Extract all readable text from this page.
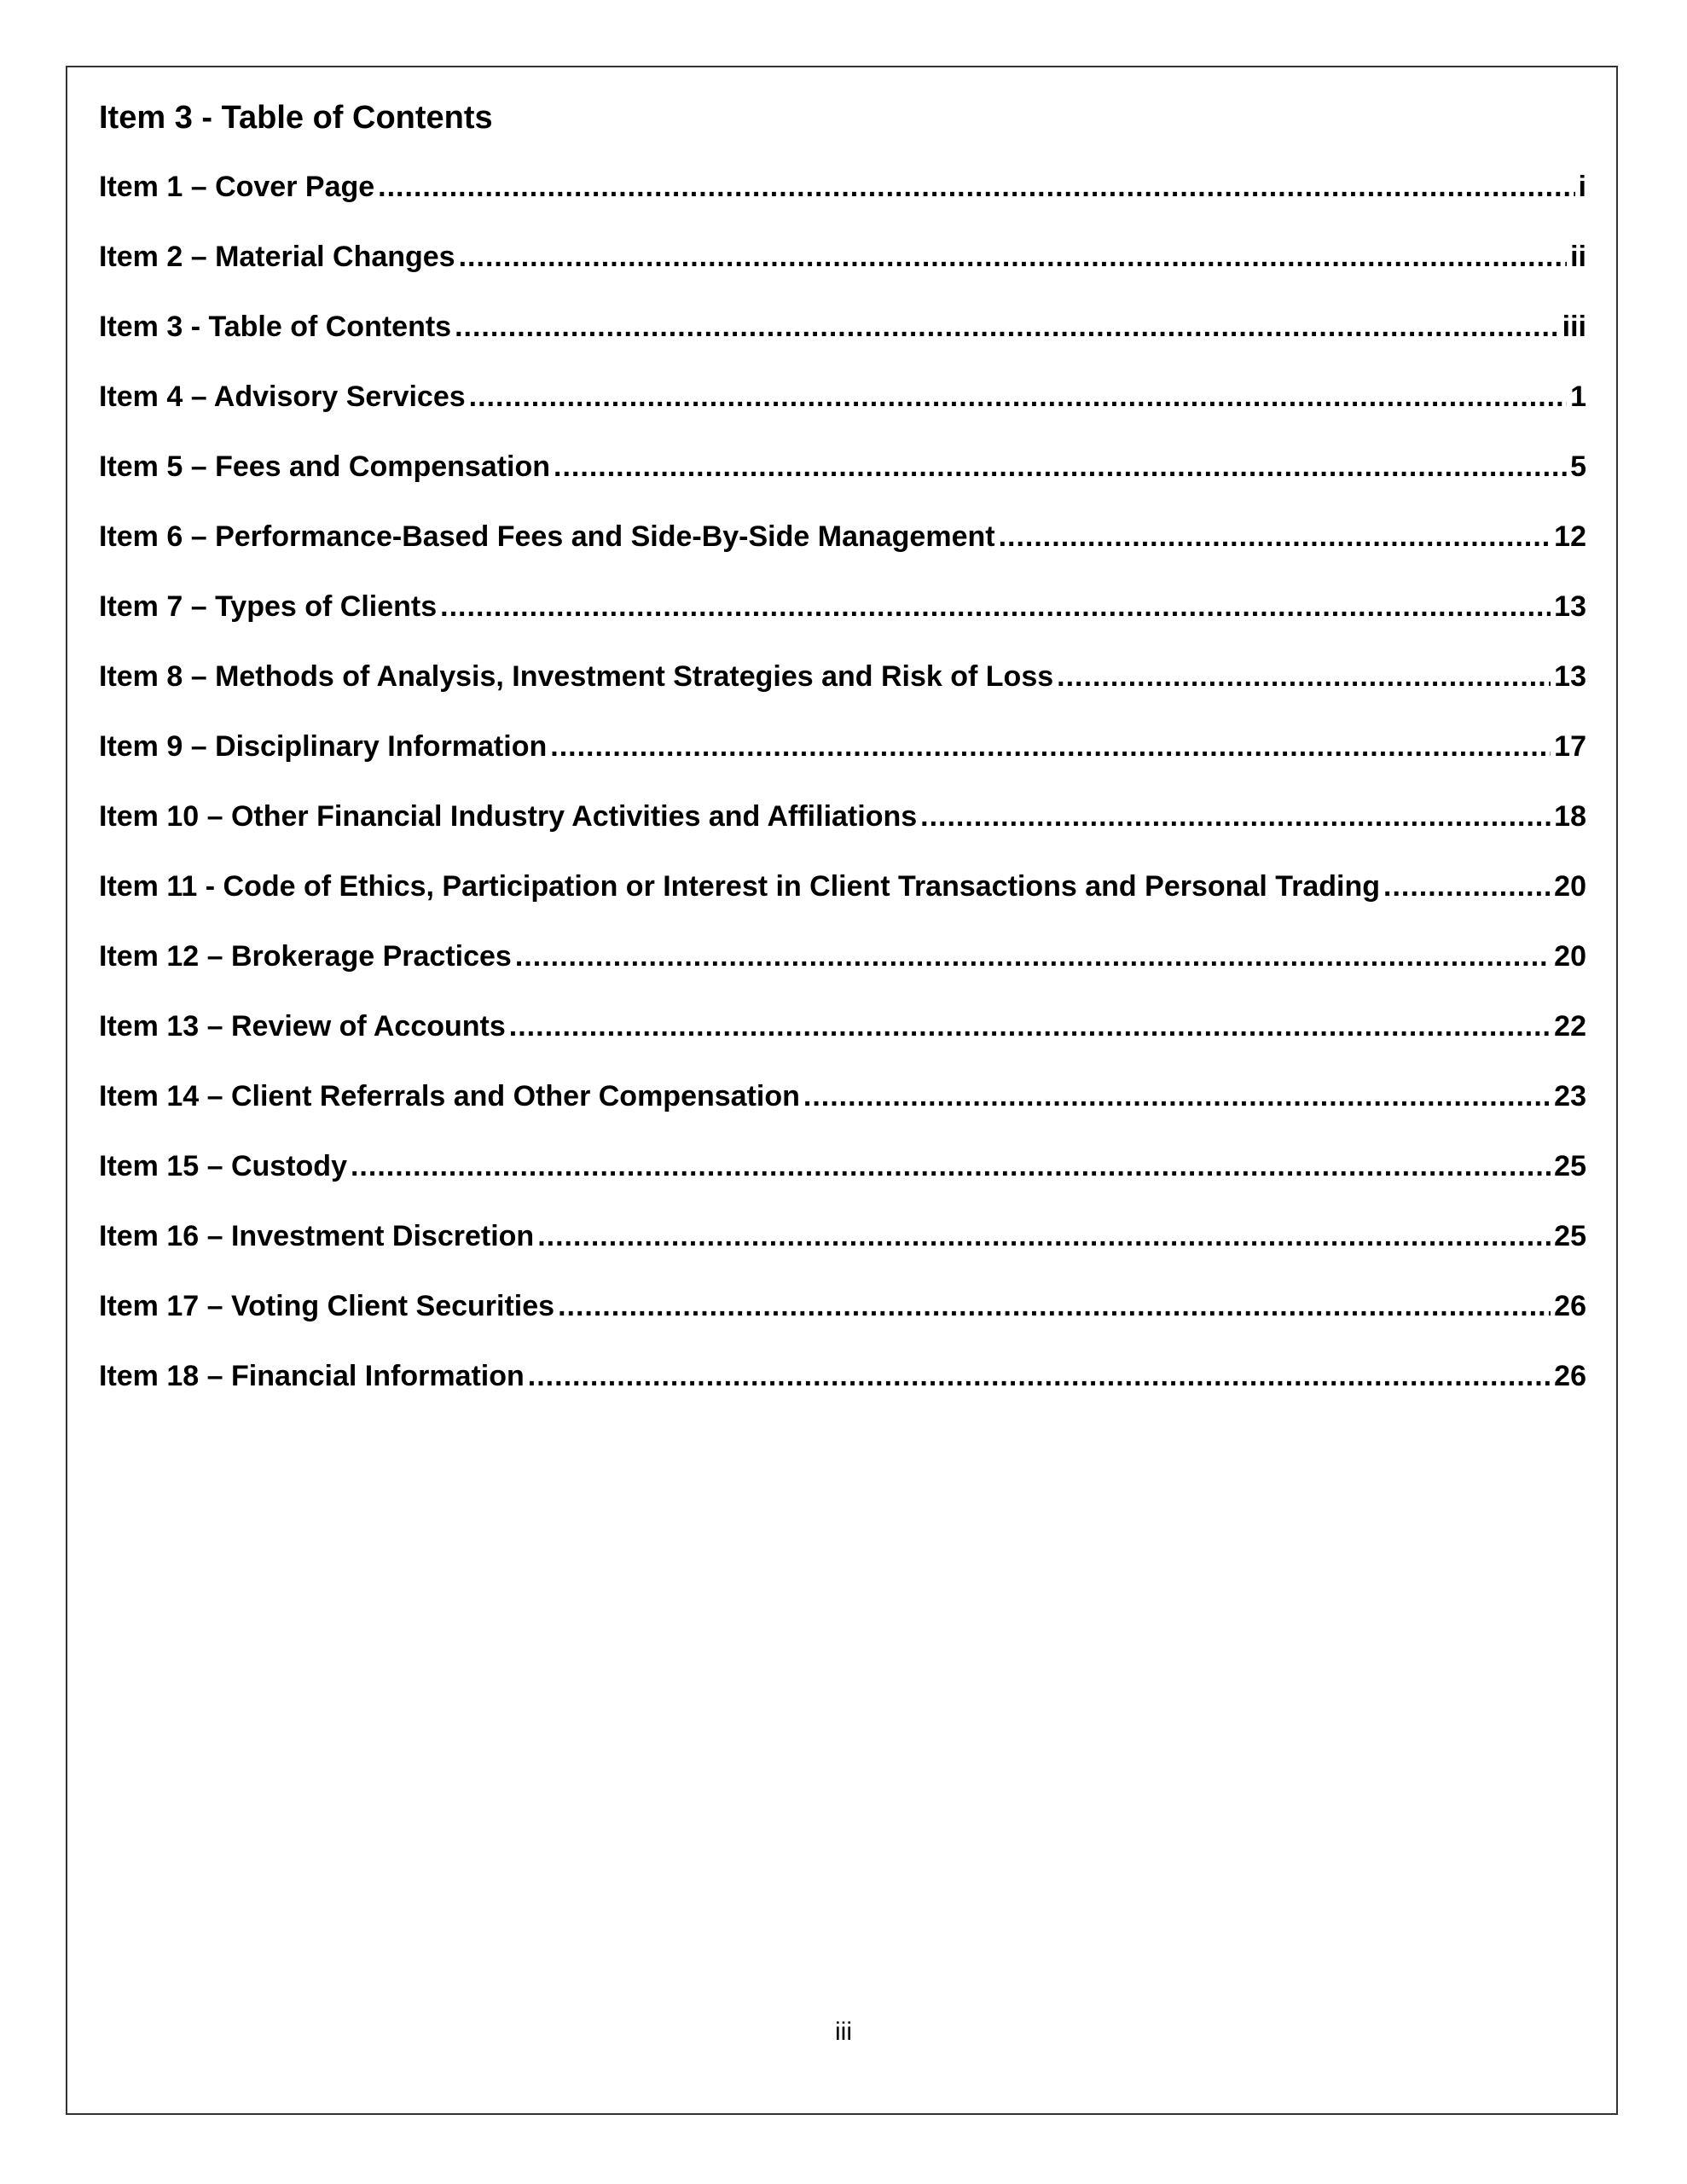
Item 3 - Table of Contents
Item 1 – Cover Page .....	i
Item 2 – Material Changes .....	ii
Item 3 - Table of Contents .....	iii
Item 4 – Advisory Services .....	1
Item 5 – Fees and Compensation .....	5
Item 6 – Performance-Based Fees and Side-By-Side Management .....	12
Item 7 – Types of Clients .....	13
Item 8 – Methods of Analysis, Investment Strategies and Risk of Loss .....	13
Item 9 – Disciplinary Information .....	17
Item 10 – Other Financial Industry Activities and Affiliations .....	18
Item 11 - Code of Ethics, Participation or Interest in Client Transactions and Personal Trading .....	20
Item 12 – Brokerage Practices .....	20
Item 13 – Review of Accounts .....	22
Item 14 – Client Referrals and Other Compensation .....	23
Item 15 – Custody .....	25
Item 16 – Investment Discretion .....	25
Item 17 – Voting Client Securities .....	26
Item 18 – Financial Information .....	26
iii
